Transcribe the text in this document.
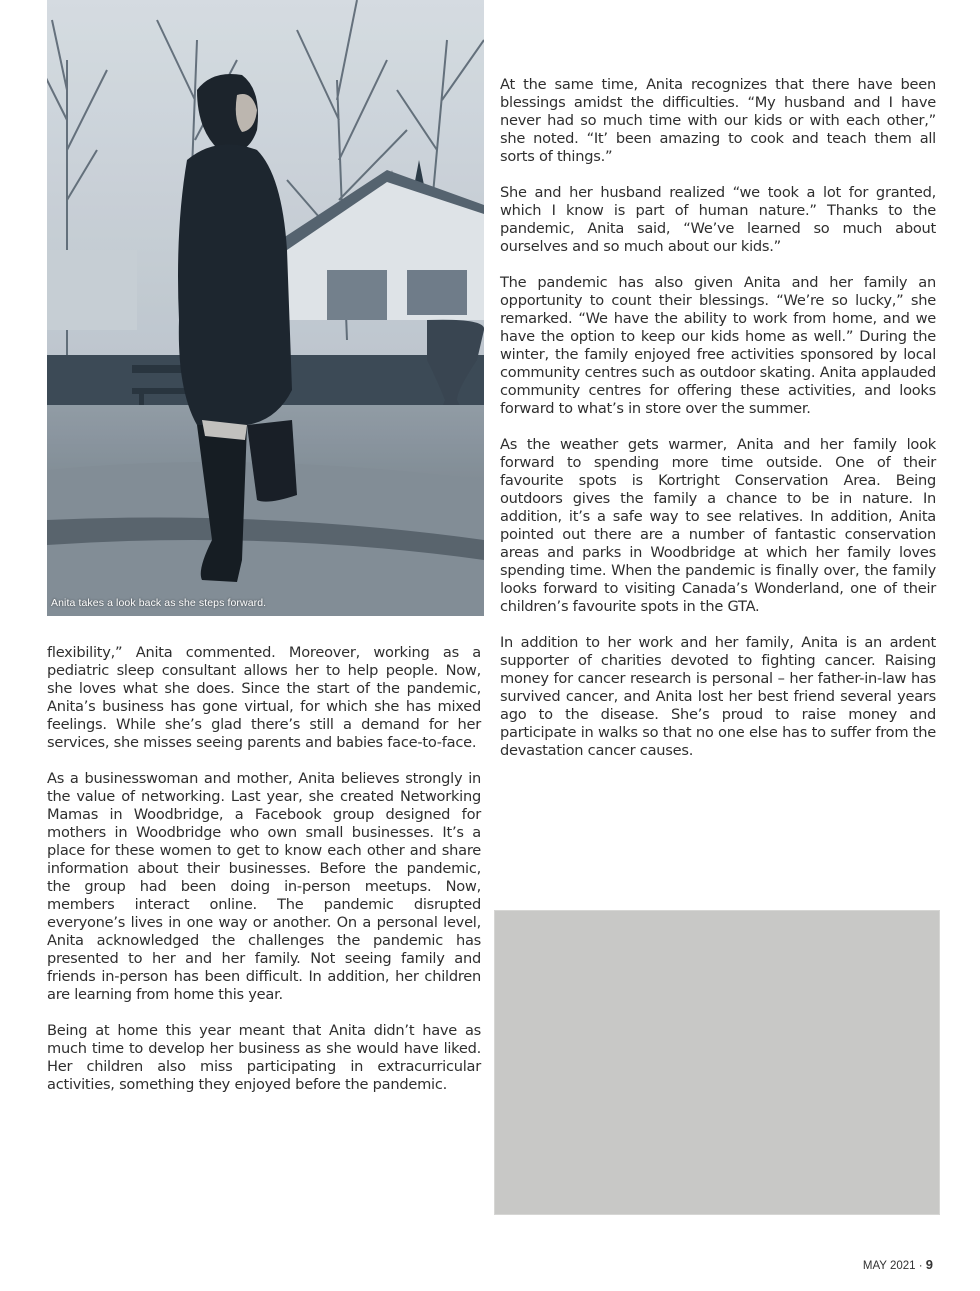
Anita takes a look back as she steps forward.

flexibility,” Anita commented. Moreover, working as a pediatric sleep consultant allows her to help people. Now, she loves what she does. Since the start of the pandemic, Anita’s business has gone virtual, for which she has mixed feelings. While she’s glad there’s still a demand for her services, she misses seeing parents and babies face-to-face.

As a businesswoman and mother, Anita believes strongly in the value of networking. Last year, she created Networking Mamas in Woodbridge, a Facebook group designed for mothers in Woodbridge who own small businesses. It’s a place for these women to get to know each other and share information about their businesses. Before the pandemic, the group had been doing in-person meetups. Now, members interact online. The pandemic disrupted everyone’s lives in one way or another. On a personal level, Anita acknowledged the challenges the pandemic has presented to her and her family. Not seeing family and friends in-person has been difficult. In addition, her children are learning from home this year.

Being at home this year meant that Anita didn’t have as much time to develop her business as she would have liked. Her children also miss participating in extracurricular activities, something they enjoyed before the pandemic.

At the same time, Anita recognizes that there have been blessings amidst the difficulties. “My husband and I have never had so much time with our kids or with each other,” she noted. “It’ been amazing to cook and teach them all sorts of things.”

She and her husband realized “we took a lot for granted, which I know is part of human nature.” Thanks to the pandemic, Anita said, “We’ve learned so much about ourselves and so much about our kids.”

The pandemic has also given Anita and her family an opportunity to count their blessings. “We’re so lucky,” she remarked. “We have the ability to work from home, and we have the option to keep our kids home as well.” During the winter, the family enjoyed free activities sponsored by local community centres such as outdoor skating. Anita applauded community centres for offering these activities, and looks forward to what’s in store over the summer.

As the weather gets warmer, Anita and her family look forward to spending more time outside. One of their favourite spots is Kortright Conservation Area. Being outdoors gives the family a chance to be in nature. In addition, it’s a safe way to see relatives. In addition, Anita pointed out there are a number of fantastic conservation areas and parks in Woodbridge at which her family loves spending time. When the pandemic is finally over, the family looks forward to visiting Canada’s Wonderland, one of their children’s favourite spots in the GTA.

In addition to her work and her family, Anita is an ardent supporter of charities devoted to fighting cancer. Raising money for cancer research is personal – her father-in-law has survived cancer, and Anita lost her best friend several years ago to the disease. She’s proud to raise money and participate in walks so that no one else has to suffer from the devastation cancer causes.

MAY 2021 · 9
